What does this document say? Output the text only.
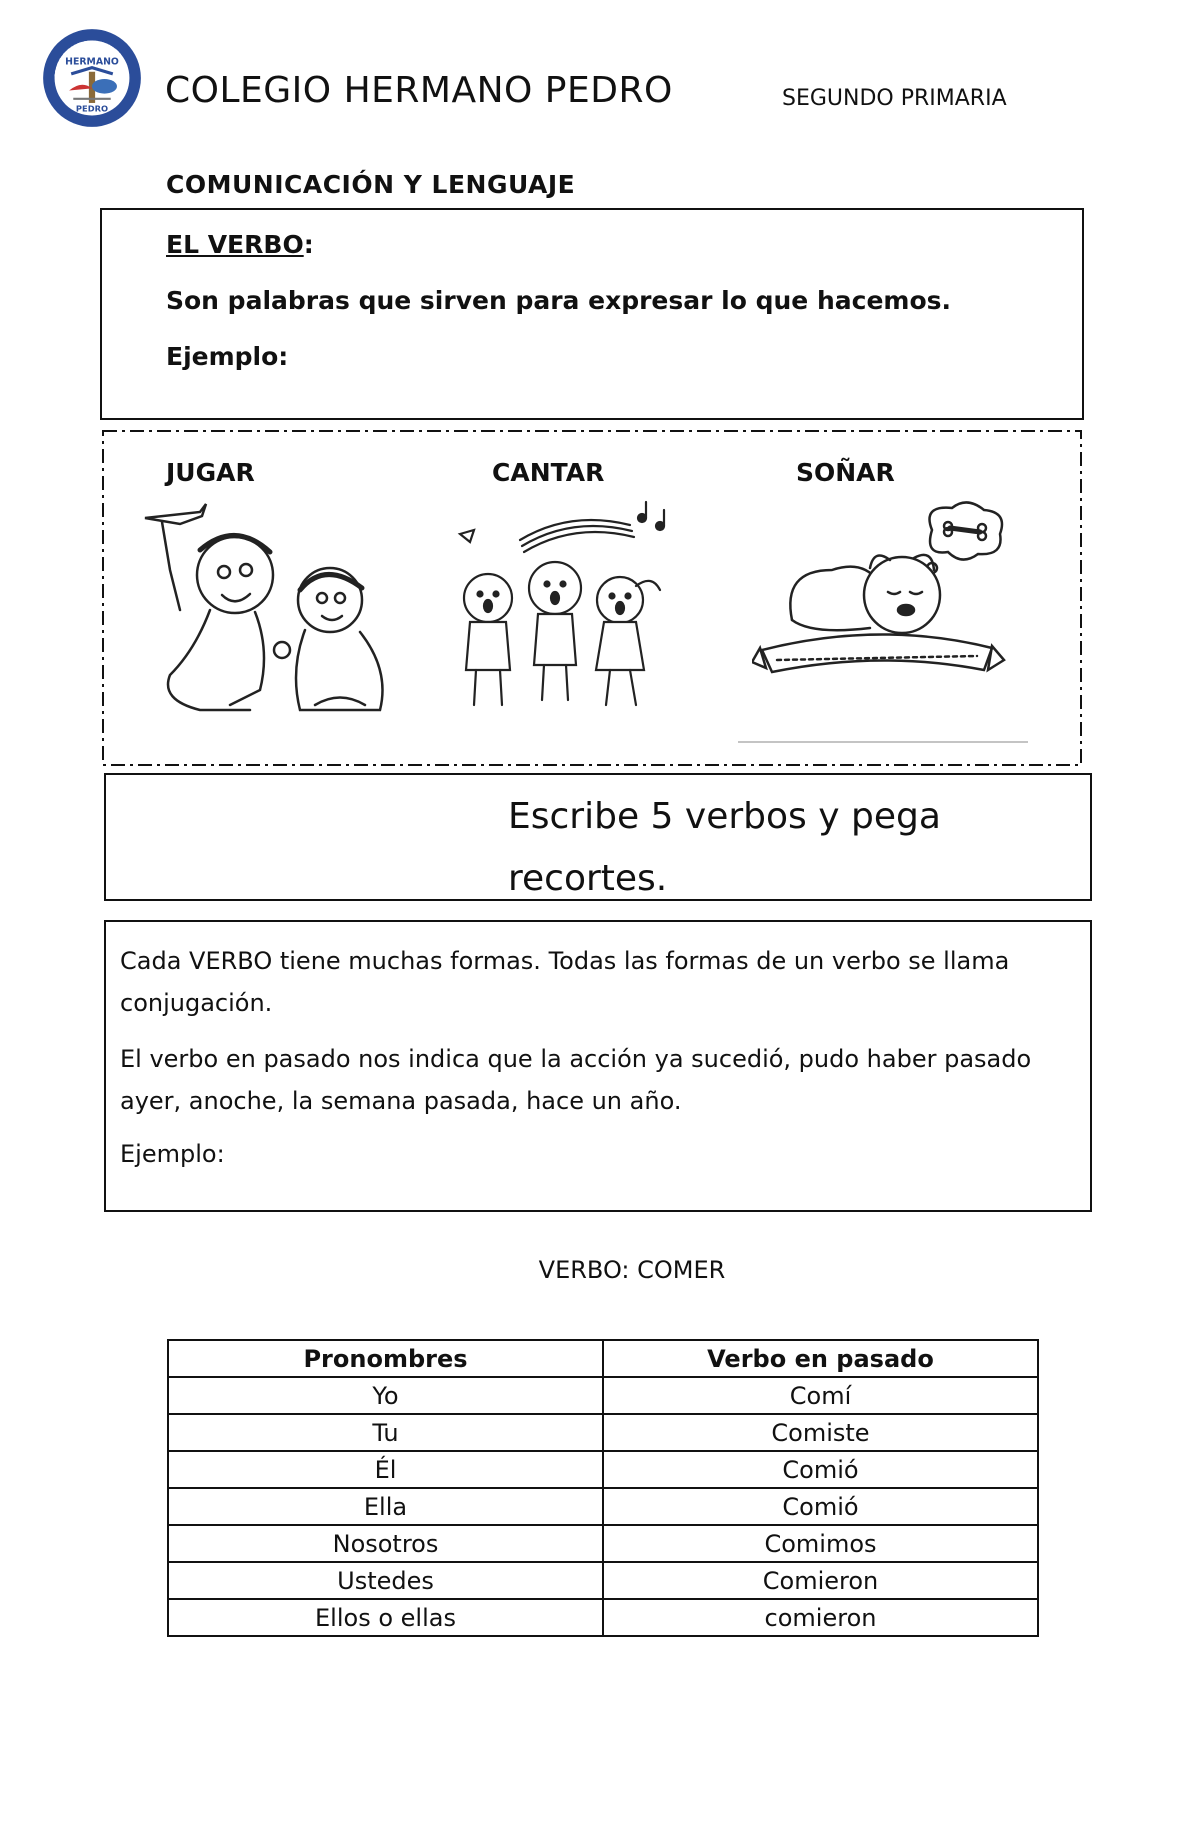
COLEGIO PARTICULAR MIXTO
HERMANO
PEDRO COLEGIO HERMANO PEDRO	SEGUNDO PRIMARIA
COMUNICACIÓN Y LENGUAJE
EL VERBO:
Son palabras que sirven para expresar lo que hacemos.
Ejemplo:
JUGAR	CANTAR	SOÑAR
Escribe 5 verbos y pega recortes.
Cada VERBO tiene muchas formas. Todas las formas de un verbo se llama conjugación.
El verbo en pasado nos indica que la acción ya sucedió, pudo haber pasado ayer, anoche, la semana pasada, hace un año.
Ejemplo:
VERBO: COMER
Pronombres	Verbo en pasado
Yo	Comí
Tu	Comiste
Él	Comió
Ella	Comió
Nosotros	Comimos
Ustedes	Comieron
Ellos o ellas	comieron
